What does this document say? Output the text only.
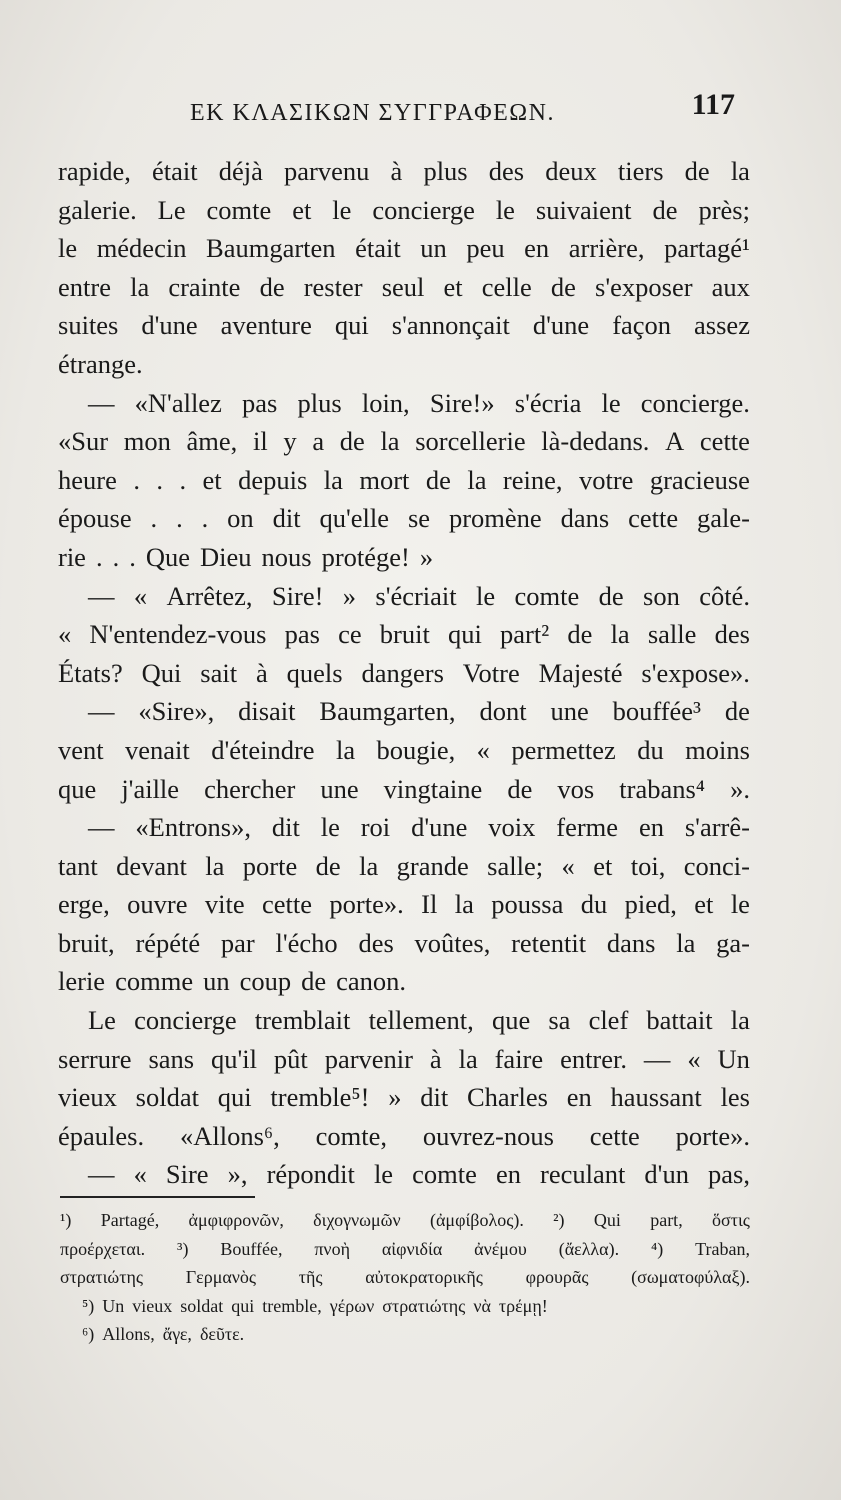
ΕΚ ΚΛΑΣΙΚΩΝ ΣΥΓΓΡΑΦΕΩΝ.	117
rapide, était déjà parvenu à plus des deux tiers de la
galerie. Le comte et le concierge le suivaient de près;
le médecin Baumgarten était un peu en arrière, partagé¹
entre la crainte de rester seul et celle de s'exposer aux
suites d'une aventure qui s'annonçait d'une façon assez
étrange.
— «N'allez pas plus loin, Sire!» s'écria le concierge.
«Sur mon âme, il y a de la sorcellerie là-dedans. A cette
heure . . . et depuis la mort de la reine, votre gracieuse
épouse . . . on dit qu'elle se promène dans cette gale-
rie . . . Que Dieu nous protége! »
— « Arrêtez, Sire! » s'écriait le comte de son côté.
« N'entendez-vous pas ce bruit qui part² de la salle des
États? Qui sait à quels dangers Votre Majesté s'expose».
— «Sire», disait Baumgarten, dont une bouffée³ de
vent venait d'éteindre la bougie, « permettez du moins
que j'aille chercher une vingtaine de vos trabans⁴ ».
— «Entrons», dit le roi d'une voix ferme en s'arrê-
tant devant la porte de la grande salle; « et toi, conci-
erge, ouvre vite cette porte». Il la poussa du pied, et le
bruit, répété par l'écho des voûtes, retentit dans la ga-
lerie comme un coup de canon.
Le concierge tremblait tellement, que sa clef battait la
serrure sans qu'il pût parvenir à la faire entrer. — « Un
vieux soldat qui tremble⁵! » dit Charles en haussant les
épaules. «Allons⁶, comte, ouvrez-nous cette porte».
— « Sire », répondit le comte en reculant d'un pas,
¹) Partagé, ἀμφιφρονῶν, διχογνωμῶν (ἀμφίβολος). ²) Qui part, ὅστις
προέρχεται. ³) Bouffée, πνοὴ αἰφνιδία ἀνέμου (ἄελλα). ⁴) Traban,
στρατιώτης Γερμανὸς τῆς αὐτοκρατορικῆς φρουρᾶς (σωματοφύλαξ).
⁵) Un vieux soldat qui tremble, γέρων στρατιώτης νὰ τρέμῃ!
⁶) Allons, ἄγε, δεῦτε.
